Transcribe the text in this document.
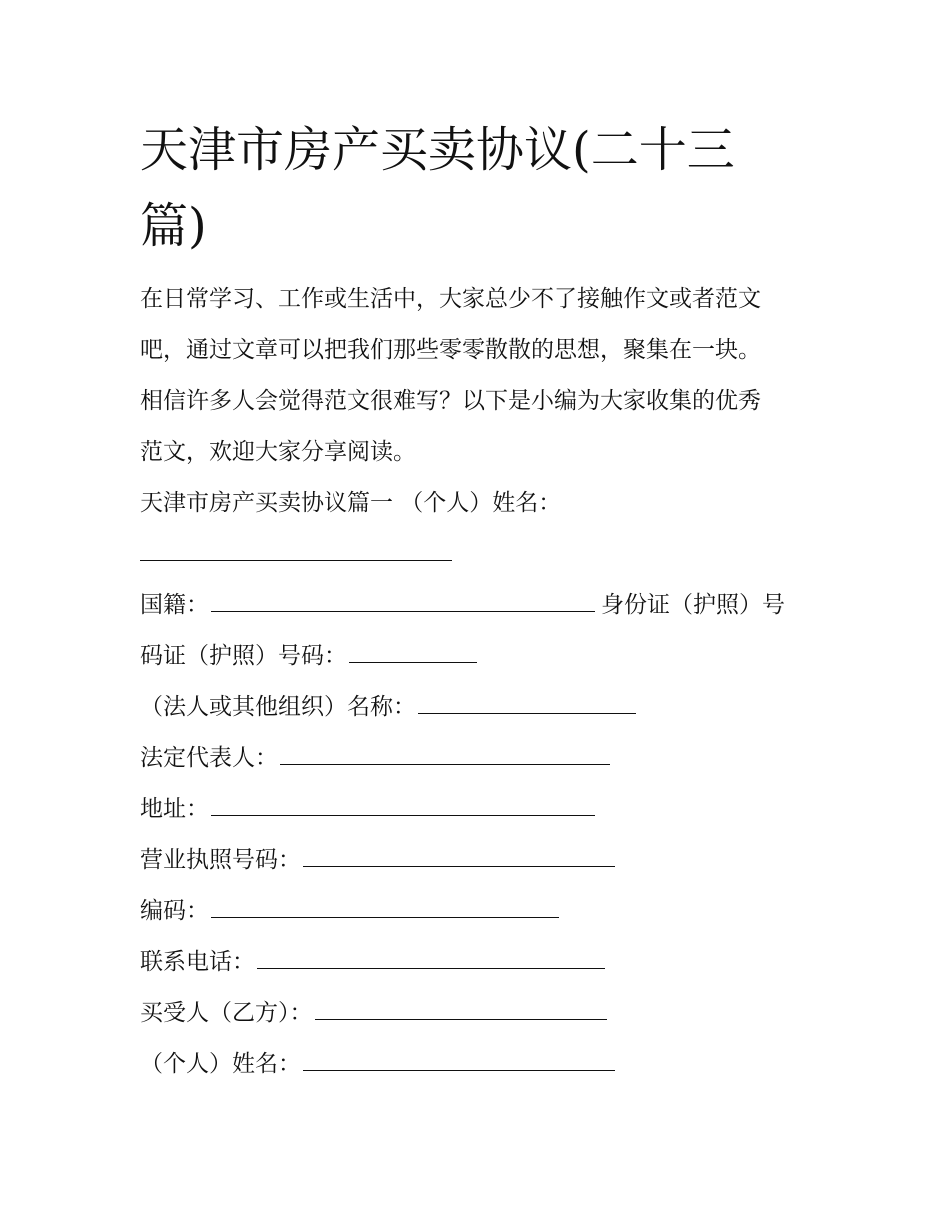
天津市房产买卖协议(二十三
篇)
在日常学习、工作或生活中，大家总少不了接触作文或者范文
吧，通过文章可以把我们那些零零散散的思想，聚集在一块。
相信许多人会觉得范文很难写？以下是小编为大家收集的优秀
范文，欢迎大家分享阅读。
天津市房产买卖协议篇一 （个人）姓名：
国籍：	身份证（护照）号
码证（护照）号码：
（法人或其他组织）名称：
法定代表人：
地址：
营业执照号码：
编码：
联系电话：
买受人（乙方）：
（个人）姓名：
